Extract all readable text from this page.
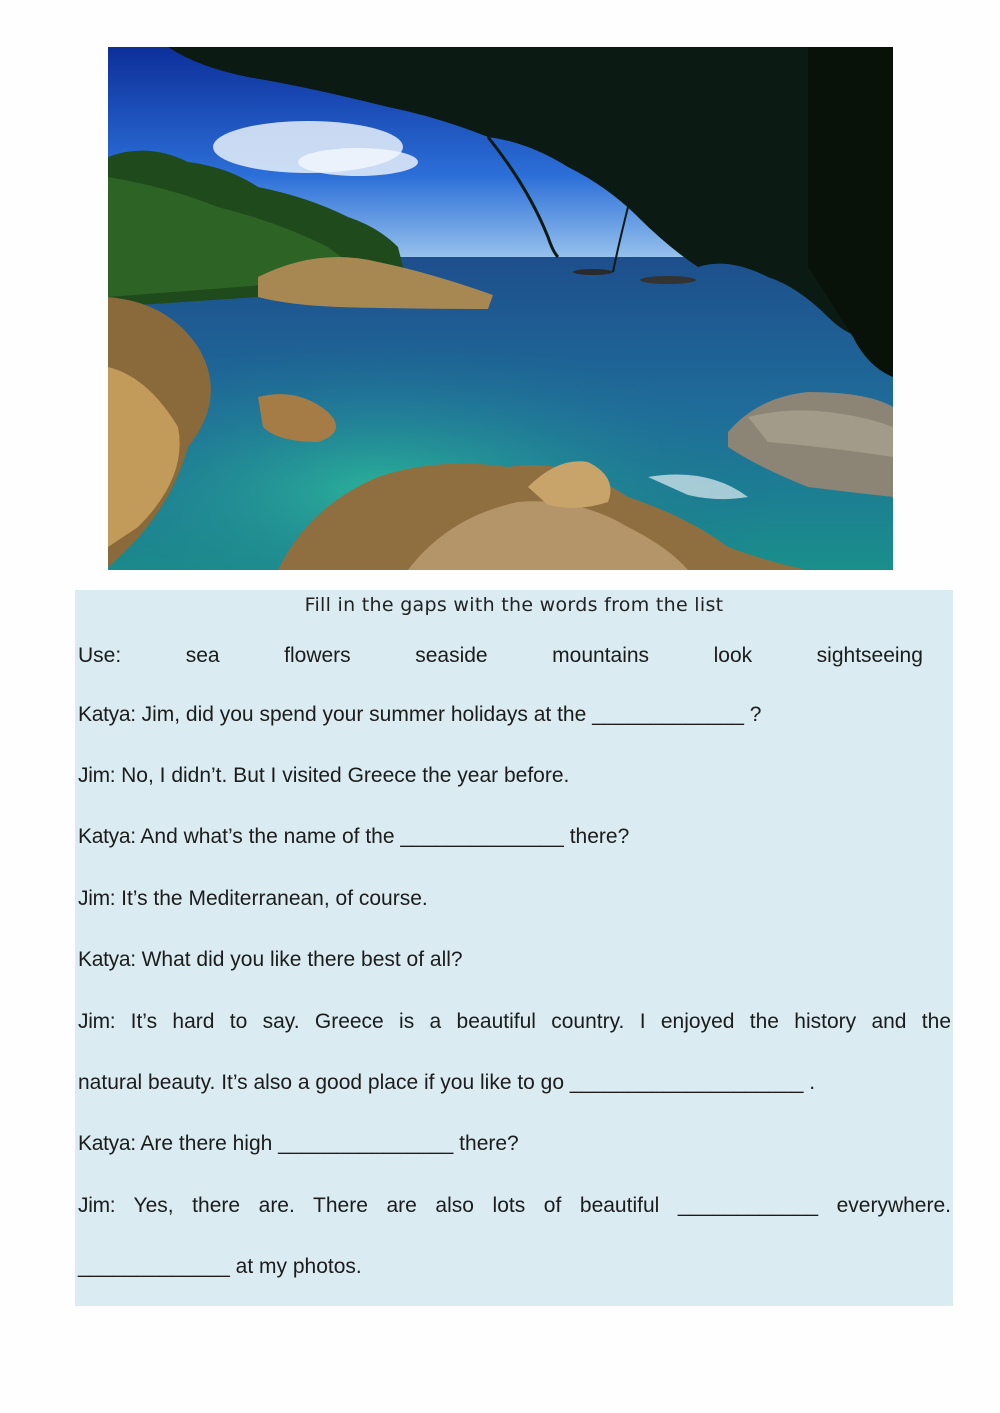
Fill in the gaps with the words from the list
Use:	sea	flowers	seaside	mountains	look	sightseeing
Katya: Jim, did you spend your summer holidays at the _____________ ?
Jim: No, I didn’t. But I visited Greece the year before.
Katya: And what’s the name of the ______________ there?
Jim: It’s the Mediterranean, of course.
Katya: What did you like there best of all?
Jim: It’s hard to say. Greece is a beautiful country. I enjoyed the history and the
natural beauty. It’s also a good place if you like to go ____________________ .
Katya: Are there high _______________ there?
Jim: Yes, there are. There are also lots of beautiful ____________ everywhere.
_____________ at my photos.
